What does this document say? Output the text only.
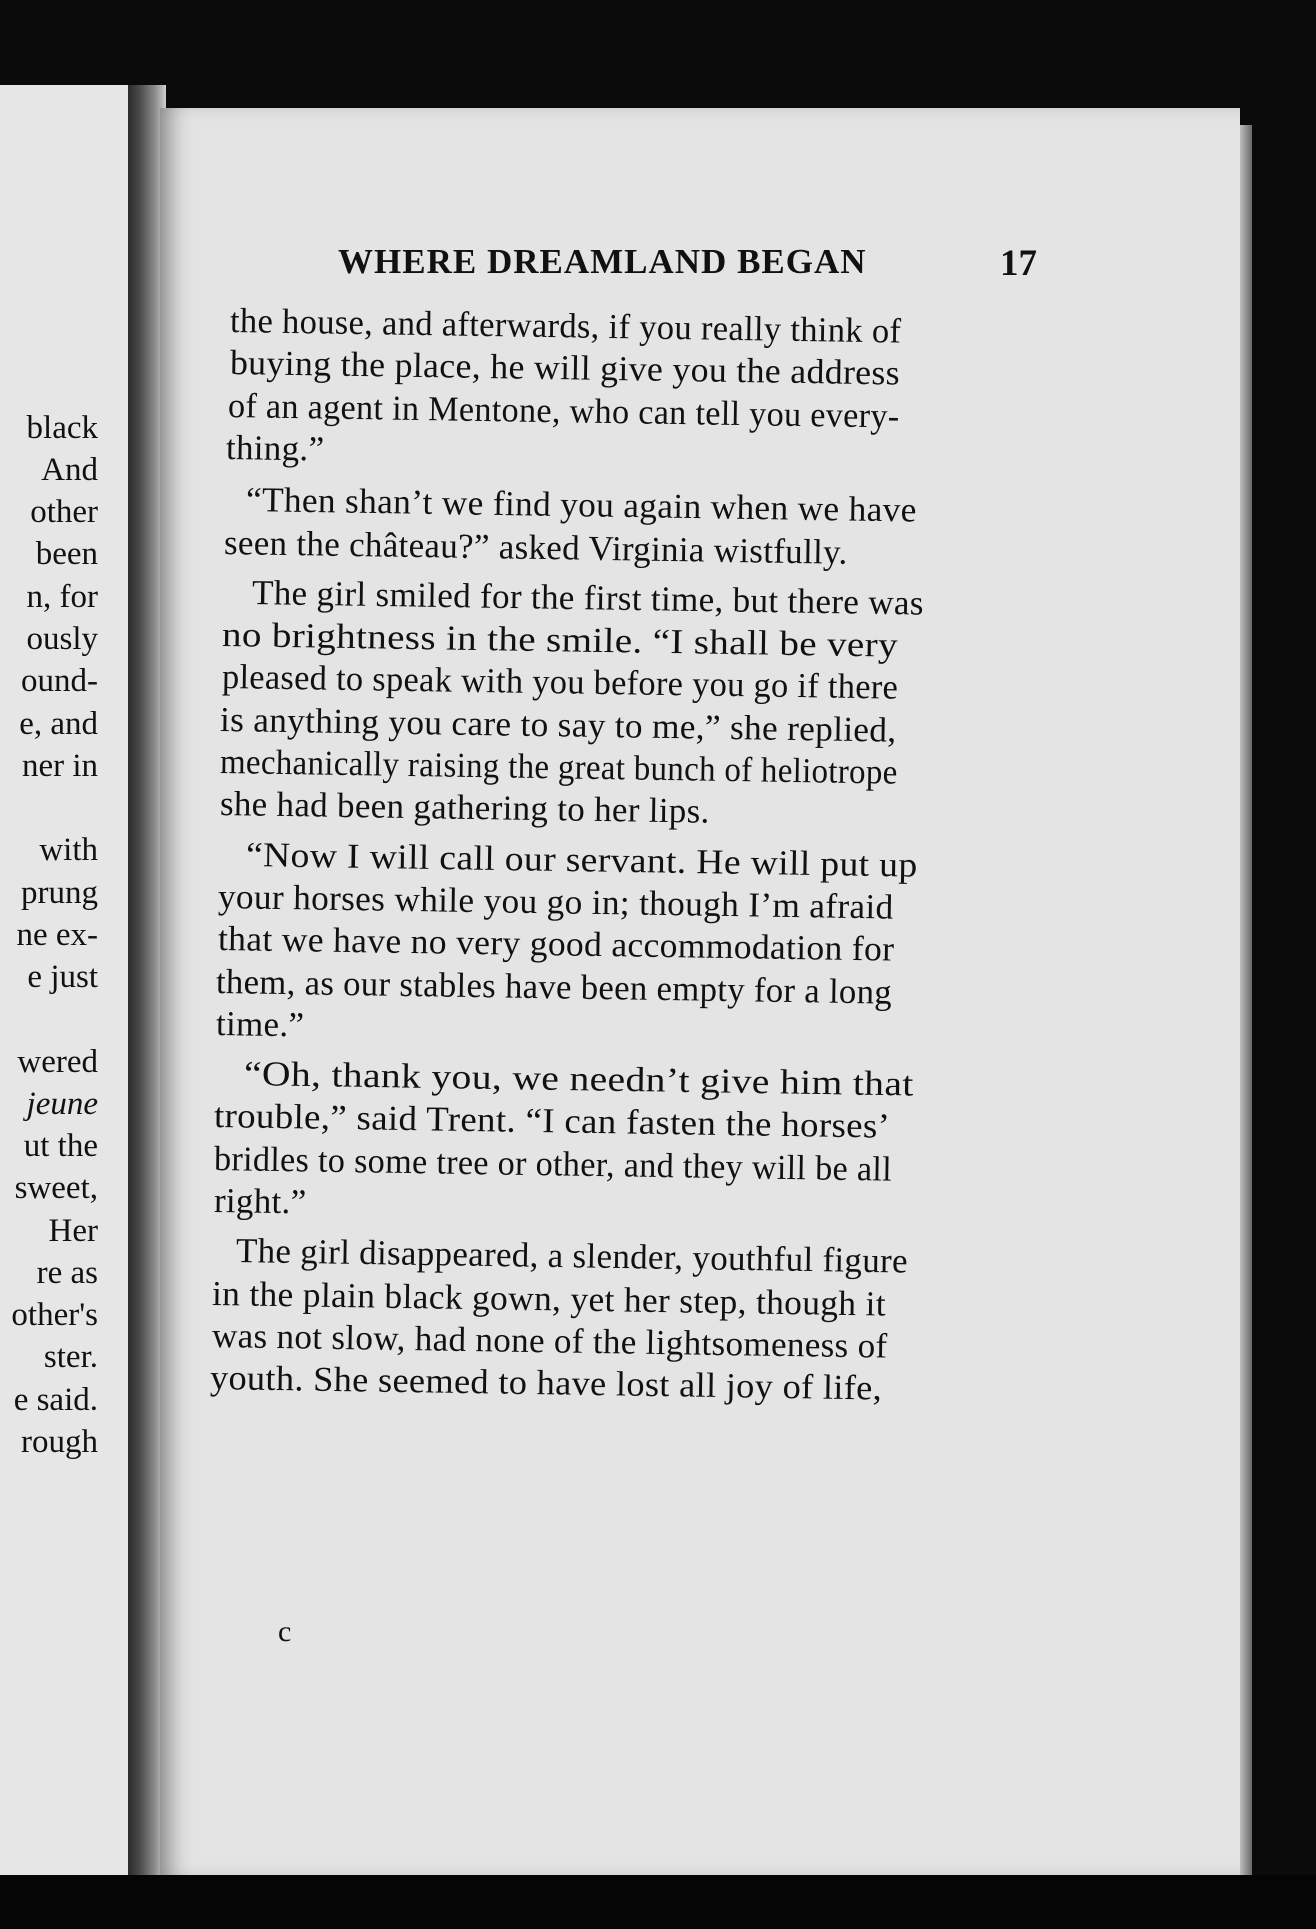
black
And
other
been
n, for
ously
ound-
e, and
ner in
with
prung
ne ex-
e just
wered
jeune
ut the
sweet,
Her
re as
other's
ster.
e said.
rough
the house, and afterwards, if you really think of
buying the place, he will give you the address
of an agent in Mentone, who can tell you every-
thing.”
“Then shan’t we find you again when we have
seen the château?” asked Virginia wistfully.
The girl smiled for the first time, but there was
no brightness in the smile. “I shall be very
pleased to speak with you before you go if there
is anything you care to say to me,” she replied,
mechanically raising the great bunch of heliotrope
she had been gathering to her lips.
“Now I will call our servant. He will put up
your horses while you go in; though I’m afraid
that we have no very good accommodation for
them, as our stables have been empty for a long
time.”
“Oh, thank you, we needn’t give him that
trouble,” said Trent. “I can fasten the horses’
bridles to some tree or other, and they will be all
right.”
The girl disappeared, a slender, youthful figure
in the plain black gown, yet her step, though it
was not slow, had none of the lightsomeness of
youth. She seemed to have lost all joy of life,
WHERE DREAMLAND BEGAN	17
c
